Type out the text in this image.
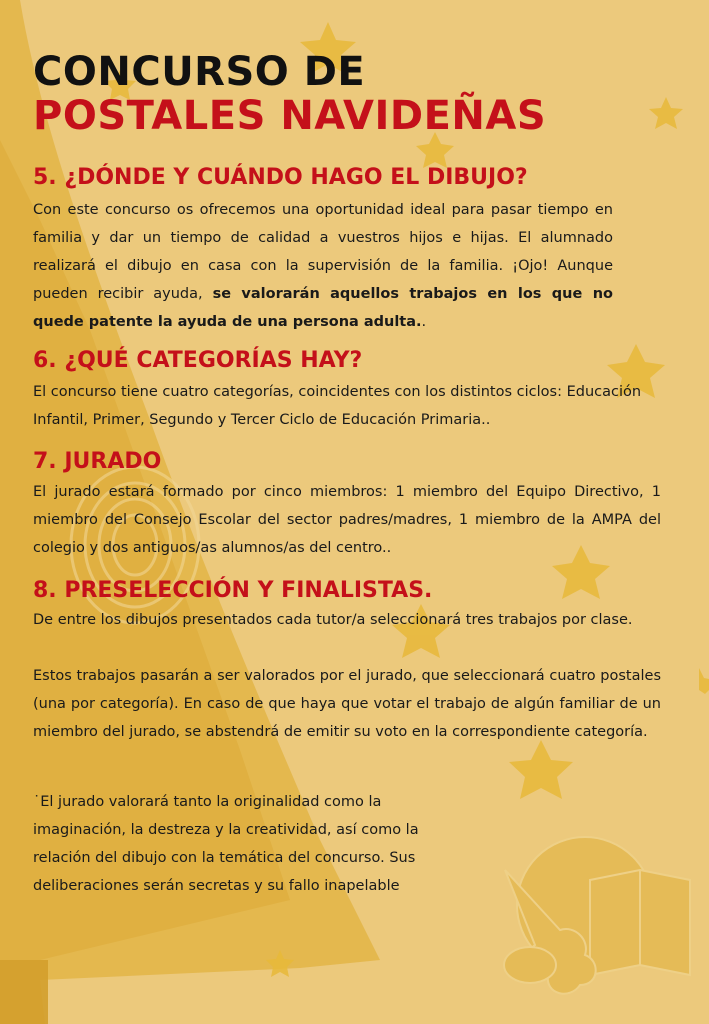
CONCURSO DE
POSTALES NAVIDEÑAS
5. ¿DÓNDE Y CUÁNDO HAGO EL DIBUJO?

Con este concurso os ofrecemos una oportunidad ideal para pasar tiempo en familia y dar un tiempo de calidad a vuestros hijos e hijas. El alumnado realizará el dibujo en casa con la supervisión de la familia. ¡Ojo! Aunque pueden recibir ayuda, se valorarán aquellos trabajos en los que no quede patente la ayuda de una persona adulta..

6. ¿QUÉ CATEGORÍAS HAY?

El concurso tiene cuatro categorías, coincidentes con los distintos ciclos: Educación Infantil, Primer, Segundo y Tercer Ciclo de Educación Primaria..

7. JURADO

El jurado estará formado por cinco miembros: 1 miembro del Equipo Directivo, 1 miembro del Consejo Escolar del sector padres/madres, 1 miembro de la AMPA del colegio y dos antiguos/as alumnos/as del centro..

8. PRESELECCIÓN Y FINALISTAS.

De entre los dibujos presentados cada tutor/a seleccionará tres trabajos por clase.

Estos trabajos pasarán a ser valorados por el jurado, que seleccionará cuatro postales (una por categoría). En caso de que haya que votar el trabajo de algún familiar de un miembro del jurado, se abstendrá de emitir su voto en la correspondiente categoría.

˙El jurado valorará tanto la originalidad como la imaginación, la destreza y la creatividad, así como la relación del dibujo con la temática del concurso. Sus deliberaciones serán secretas y su fallo inapelable
